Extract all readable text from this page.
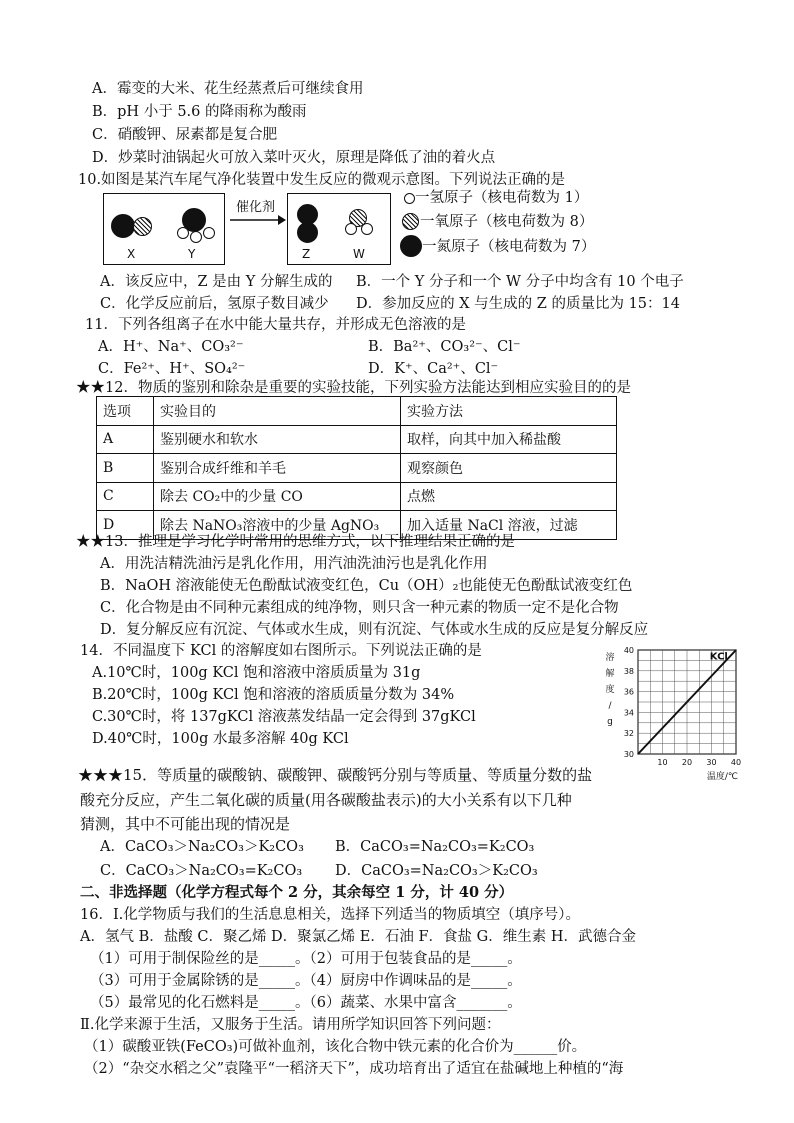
A．霉变的大米、花生经蒸煮后可继续食用
B．pH 小于 5.6 的降雨称为酸雨
C．硝酸钾、尿素都是复合肥
D．炒菜时油锅起火可放入菜叶灭火，原理是降低了油的着火点
10.如图是某汽车尾气净化装置中发生反应的微观示意图。下列说法正确的是
X	Y
催化剂
Z	W
一氢原子（核电荷数为 1）
一氧原子（核电荷数为 8）
一氮原子（核电荷数为 7）
A．该反应中，Z 是由 Y 分解生成的 B．一个 Y 分子和一个 W 分子中均含有 10 个电子
C．化学反应前后，氢原子数目减少 D．参加反应的 X 与生成的 Z 的质量比为 15：14
11．下列各组离子在水中能大量共存，并形成无色溶液的是
A．H⁺、Na⁺、CO₃²⁻	B．Ba²⁺、CO₃²⁻、Cl⁻
C．Fe²⁺、H⁺、SO₄²⁻	D．K⁺、Ca²⁺、Cl⁻
★★12．物质的鉴别和除杂是重要的实验技能，下列实验方法能达到相应实验目的的是
选项	实验目的	实验方法
A	鉴别硬水和软水	取样，向其中加入稀盐酸
B	鉴别合成纤维和羊毛	观察颜色
C	除去 CO₂中的少量 CO	点燃
D	除去 NaNO₃溶液中的少量 AgNO₃	加入适量 NaCl 溶液，过滤
★★13．推理是学习化学时常用的思维方式，以下推理结果正确的是
A．用洗洁精洗油污是乳化作用，用汽油洗油污也是乳化作用
B．NaOH 溶液能使无色酚酞试液变红色，Cu（OH）₂也能使无色酚酞试液变红色
C．化合物是由不同种元素组成的纯净物，则只含一种元素的物质一定不是化合物
D．复分解反应有沉淀、气体或水生成，则有沉淀、气体或水生成的反应是复分解反应
14．不同温度下 KCl 的溶解度如右图所示。下列说法正确的是
A.10℃时，100g KCl 饱和溶液中溶质质量为 31g
B.20℃时，100g KCl 饱和溶液的溶质质量分数为 34%
C.30℃时，将 137gKCl 溶液蒸发结晶一定会得到 37gKCl
D.40℃时，100g 水最多溶解 40g KCl
30
32
34
36
38
40
10 20 30 40
温度/℃
溶
解
度
/
g
KCl
★★★15．等质量的碳酸钠、碳酸钾、碳酸钙分别与等质量、等质量分数的盐
酸充分反应，产生二氧化碳的质量(用各碳酸盐表示)的大小关系有以下几种
猜测，其中不可能出现的情况是
A．CaCO₃＞Na₂CO₃＞K₂CO₃ B．CaCO₃=Na₂CO₃=K₂CO₃
C．CaCO₃＞Na₂CO₃=K₂CO₃ D．CaCO₃=Na₂CO₃＞K₂CO₃
二、非选择题（化学方程式每个 2 分，其余每空 1 分，计 40 分）
16．Ⅰ.化学物质与我们的生活息息相关，选择下列适当的物质填空（填序号）。
A．氢气 B．盐酸 C．聚乙烯 D．聚氯乙烯 E．石油 F．食盐 G．维生素 H．武德合金
（1）可用于制保险丝的是_____。（2）可用于包装食品的是_____。
（3）可用于金属除锈的是_____。（4）厨房中作调味品的是_____。
（5）最常见的化石燃料是_____。（6）蔬菜、水果中富含_______。
Ⅱ.化学来源于生活，又服务于生活。请用所学知识回答下列问题：
（1）碳酸亚铁(FeCO₃)可做补血剂，该化合物中铁元素的化合价为______价。
（2）“杂交水稻之父”袁隆平“一稻济天下”，成功培育出了适宜在盐碱地上种植的“海
